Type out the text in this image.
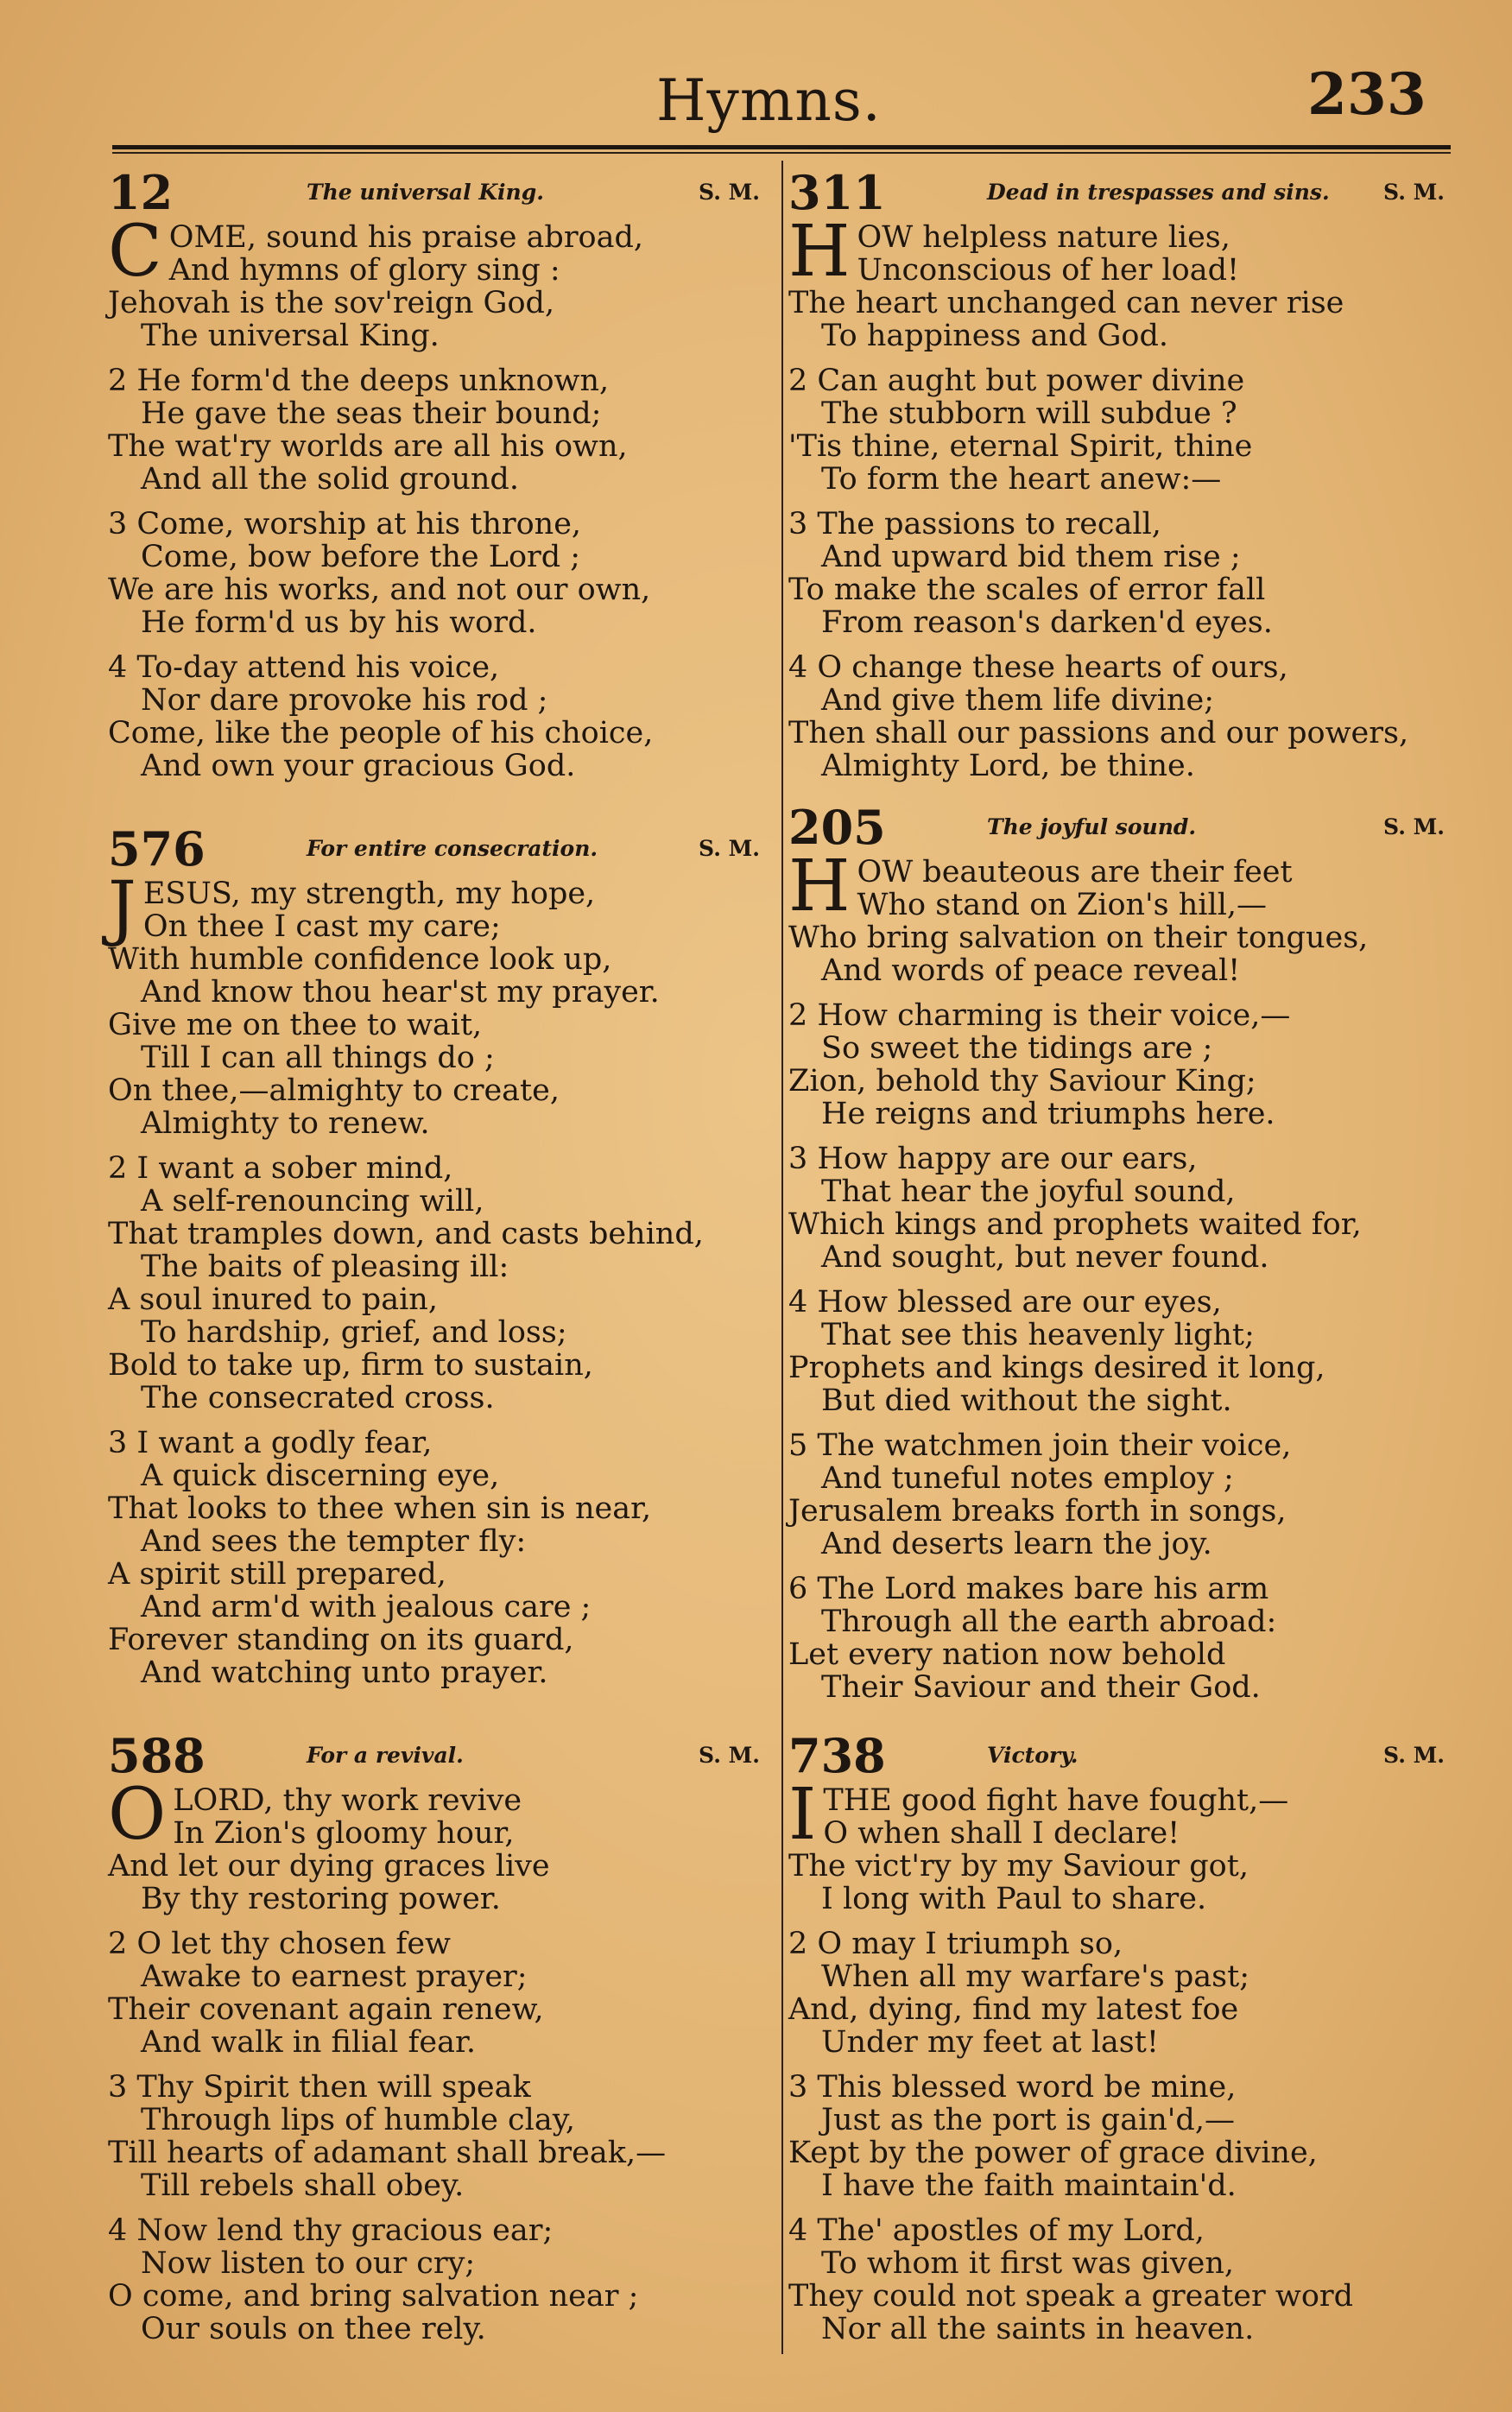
Hymns.	233
12	The universal King.	S. M.
C OME, sound his praise abroad,
And hymns of glory sing :
Jehovah is the sov'reign God,
The universal King.
2 He form'd the deeps unknown,
He gave the seas their bound;
The wat'ry worlds are all his own,
And all the solid ground.
3 Come, worship at his throne,
Come, bow before the Lord ;
We are his works, and not our own,
He form'd us by his word.
4 To-day attend his voice,
Nor dare provoke his rod ;
Come, like the people of his choice,
And own your gracious God.
576	For entire consecration.	S. M.
J ESUS, my strength, my hope,
On thee I cast my care;
With humble confidence look up,
And know thou hear'st my prayer.
Give me on thee to wait,
Till I can all things do ;
On thee,—almighty to create,
Almighty to renew.
2 I want a sober mind,
A self-renouncing will,
That tramples down, and casts behind,
The baits of pleasing ill:
A soul inured to pain,
To hardship, grief, and loss;
Bold to take up, firm to sustain,
The consecrated cross.
3 I want a godly fear,
A quick discerning eye,
That looks to thee when sin is near,
And sees the tempter fly:
A spirit still prepared,
And arm'd with jealous care ;
Forever standing on its guard,
And watching unto prayer.
588	For a revival.	S. M.
O LORD, thy work revive
In Zion's gloomy hour,
And let our dying graces live
By thy restoring power.
2 O let thy chosen few
Awake to earnest prayer;
Their covenant again renew,
And walk in filial fear.
3 Thy Spirit then will speak
Through lips of humble clay,
Till hearts of adamant shall break,—
Till rebels shall obey.
4 Now lend thy gracious ear;
Now listen to our cry;
O come, and bring salvation near ;
Our souls on thee rely.
311	Dead in trespasses and sins. S. M.
H OW helpless nature lies,
Unconscious of her load!
The heart unchanged can never rise
To happiness and God.
2 Can aught but power divine
The stubborn will subdue ?
'Tis thine, eternal Spirit, thine
To form the heart anew:—
3 The passions to recall,
And upward bid them rise ;
To make the scales of error fall
From reason's darken'd eyes.
4 O change these hearts of ours,
And give them life divine;
Then shall our passions and our powers,
Almighty Lord, be thine.
205	The joyful sound.	S. M.
H OW beauteous are their feet
Who stand on Zion's hill,—
Who bring salvation on their tongues,
And words of peace reveal!
2 How charming is their voice,—
So sweet the tidings are ;
Zion, behold thy Saviour King;
He reigns and triumphs here.
3 How happy are our ears,
That hear the joyful sound,
Which kings and prophets waited for,
And sought, but never found.
4 How blessed are our eyes,
That see this heavenly light;
Prophets and kings desired it long,
But died without the sight.
5 The watchmen join their voice,
And tuneful notes employ ;
Jerusalem breaks forth in songs,
And deserts learn the joy.
6 The Lord makes bare his arm
Through all the earth abroad:
Let every nation now behold
Their Saviour and their God.
738	Victory.	S. M.
I THE good fight have fought,—
O when shall I declare!
The vict'ry by my Saviour got,
I long with Paul to share.
2 O may I triumph so,
When all my warfare's past;
And, dying, find my latest foe
Under my feet at last!
3 This blessed word be mine,
Just as the port is gain'd,—
Kept by the power of grace divine,
I have the faith maintain'd.
4 The' apostles of my Lord,
To whom it first was given,
They could not speak a greater word
Nor all the saints in heaven.
